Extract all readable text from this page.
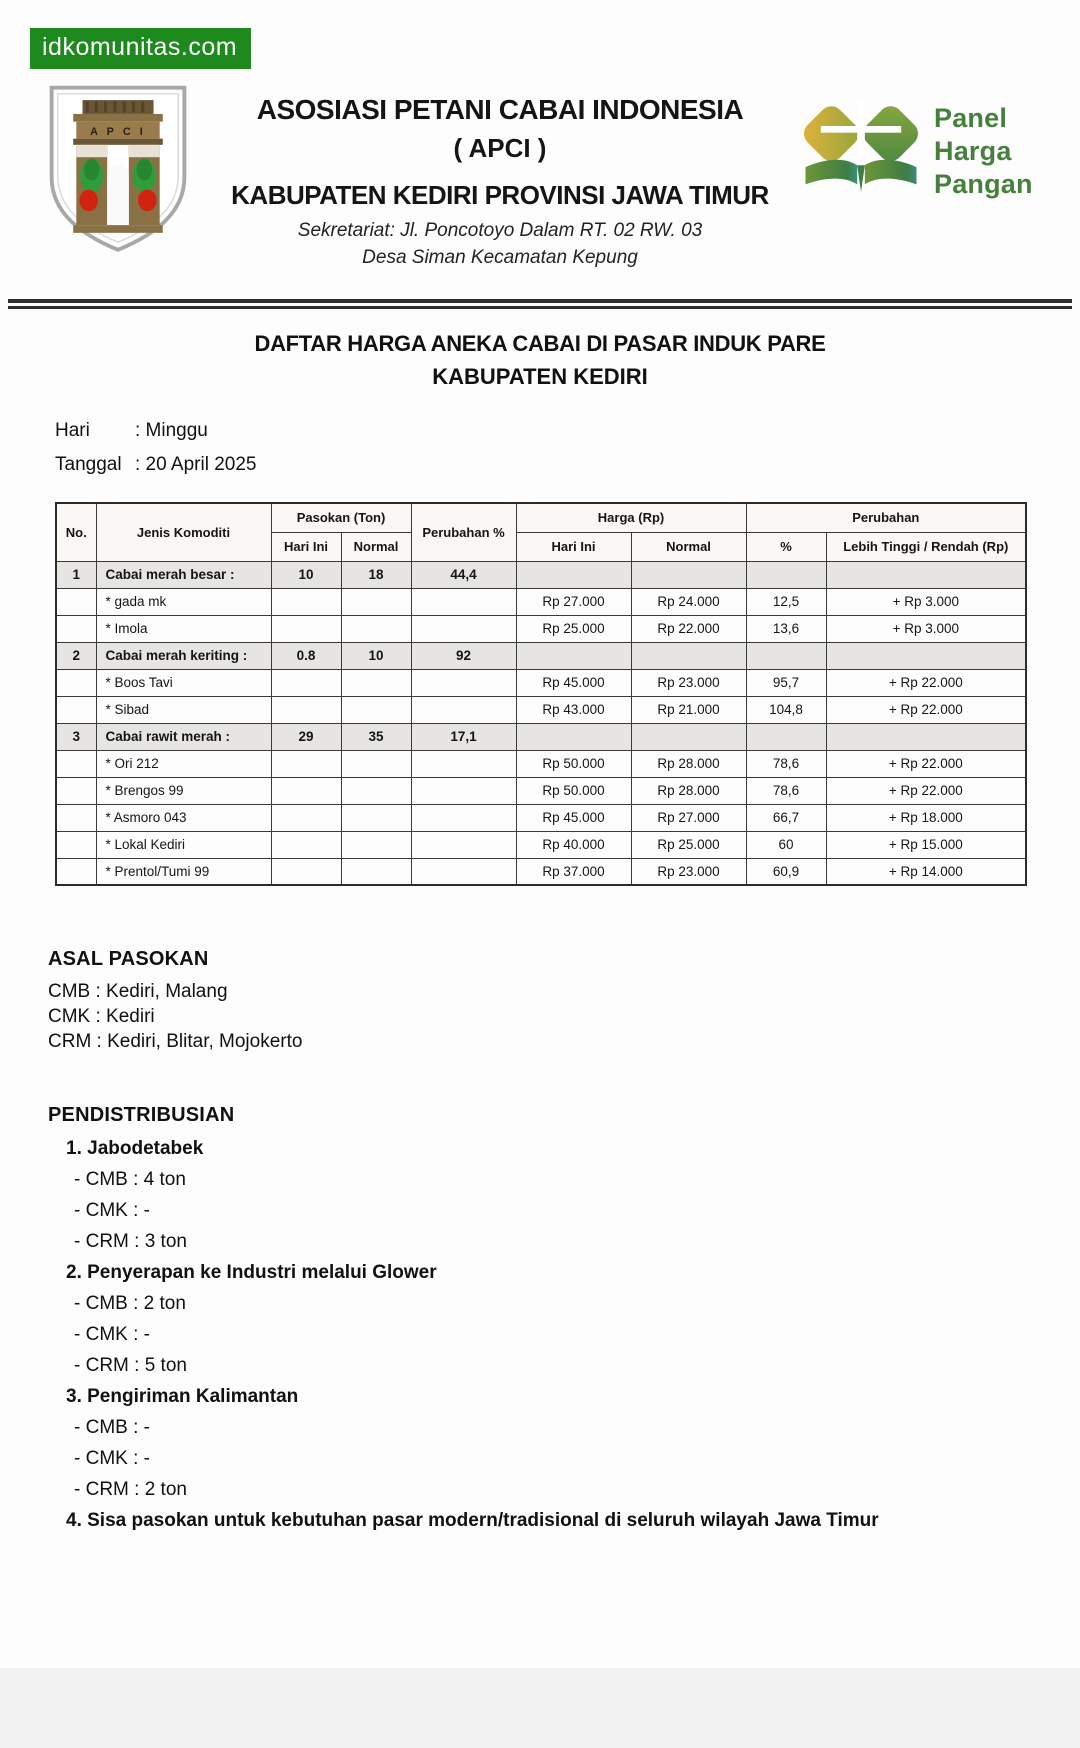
idkomunitas.com
A P C I
ASOSIASI PETANI CABAI INDONESIA
( APCI )
KABUPATEN KEDIRI PROVINSI JAWA TIMUR
Sekretariat: Jl. Poncotoyo Dalam RT. 02 RW. 03
Desa Siman Kecamatan Kepung
Panel
Harga
Pangan
DAFTAR HARGA ANEKA CABAI DI PASAR INDUK PARE
KABUPATEN KEDIRI
Hari	: Minggu
Tanggal : 20 April 2025
No.	Jenis Komoditi	Pasokan (Ton)		Perubahan %	Harga (Rp)		Perubahan	
		Hari Ini	Normal		Hari Ini	Normal	%	Lebih Tinggi / Rendah (Rp)
1	Cabai merah besar :	10	18	44,4				
	* gada mk				Rp 27.000	Rp 24.000	12,5	+ Rp 3.000
	* Imola				Rp 25.000	Rp 22.000	13,6	+ Rp 3.000
2	Cabai merah keriting :	0.8	10	92				
	* Boos Tavi				Rp 45.000	Rp 23.000	95,7	+ Rp 22.000
	* Sibad				Rp 43.000	Rp 21.000	104,8	+ Rp 22.000
3	Cabai rawit merah :	29	35	17,1				
	* Ori 212				Rp 50.000	Rp 28.000	78,6	+ Rp 22.000
	* Brengos 99				Rp 50.000	Rp 28.000	78,6	+ Rp 22.000
	* Asmoro 043				Rp 45.000	Rp 27.000	66,7	+ Rp 18.000
	* Lokal Kediri				Rp 40.000	Rp 25.000	60	+ Rp 15.000
	* Prentol/Tumi 99				Rp 37.000	Rp 23.000	60,9	+ Rp 14.000
ASAL PASOKAN
CMB : Kediri, Malang
CMK : Kediri
CRM : Kediri, Blitar, Mojokerto
PENDISTRIBUSIAN
1. Jabodetabek
- CMB : 4 ton
- CMK : -
- CRM : 3 ton
2. Penyerapan ke Industri melalui Glower
- CMB : 2 ton
- CMK : -
- CRM : 5 ton
3. Pengiriman Kalimantan
- CMB : -
- CMK : -
- CRM : 2 ton
4. Sisa pasokan untuk kebutuhan pasar modern/tradisional di seluruh wilayah Jawa Timur
